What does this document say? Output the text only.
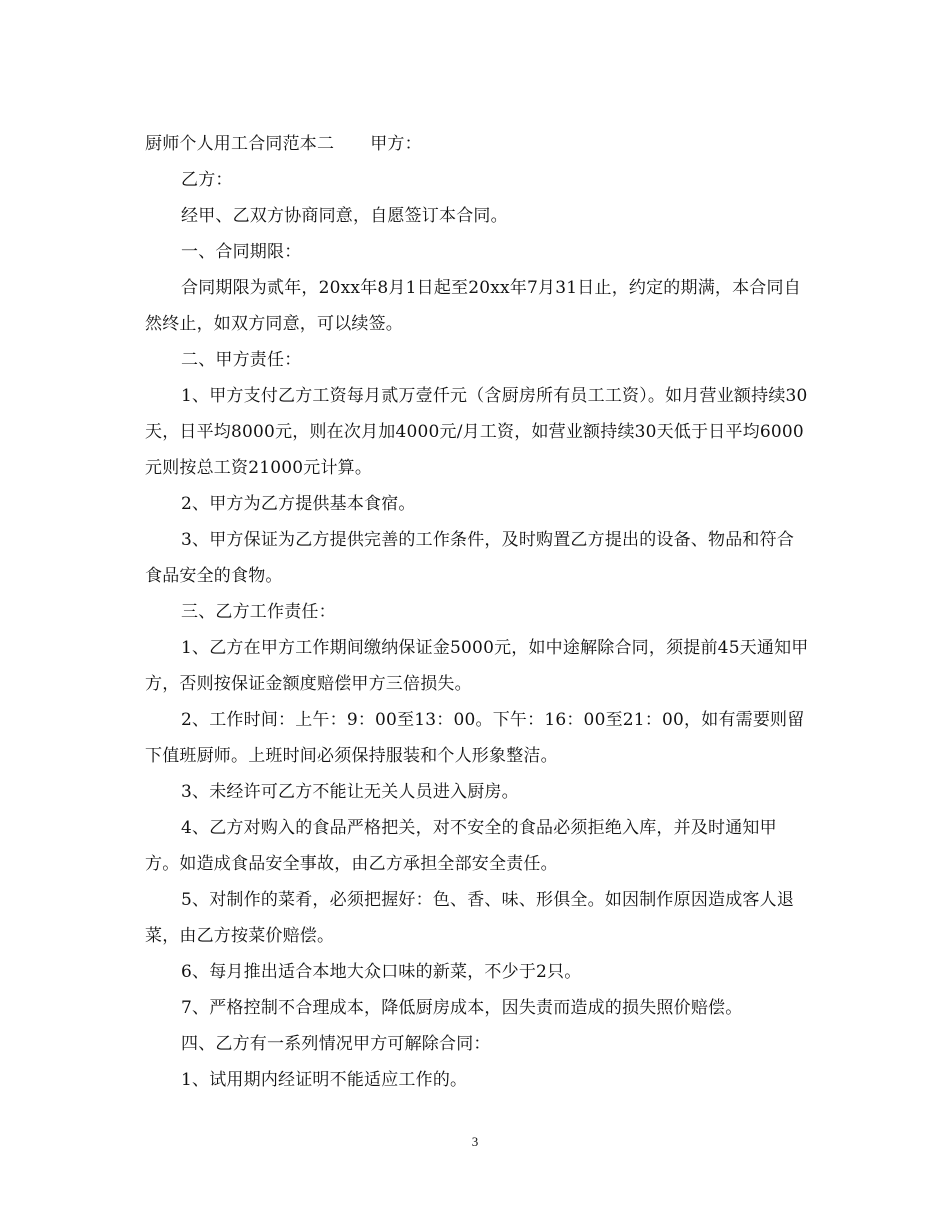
厨师个人用工合同范本二 甲方：

乙方：

经甲、乙双方协商同意，自愿签订本合同。

一、合同期限：

合同期限为贰年，20xx年8月1日起至20xx年7月31日止，约定的期满，本合同自然终止，如双方同意，可以续签。

二、甲方责任：

1、甲方支付乙方工资每月贰万壹仟元（含厨房所有员工工资）。如月营业额持续30天，日平均8000元，则在次月加4000元/月工资，如营业额持续30天低于日平均6000元则按总工资21000元计算。

2、甲方为乙方提供基本食宿。

3、甲方保证为乙方提供完善的工作条件，及时购置乙方提出的设备、物品和符合食品安全的食物。

三、乙方工作责任：

1、乙方在甲方工作期间缴纳保证金5000元，如中途解除合同，须提前45天通知甲方，否则按保证金额度赔偿甲方三倍损失。

2、工作时间：上午：9：00至13：00。下午：16：00至21：00，如有需要则留下值班厨师。上班时间必须保持服装和个人形象整洁。

3、未经许可乙方不能让无关人员进入厨房。

4、乙方对购入的食品严格把关，对不安全的食品必须拒绝入库，并及时通知甲方。如造成食品安全事故，由乙方承担全部安全责任。

5、对制作的菜肴，必须把握好：色、香、味、形俱全。如因制作原因造成客人退菜，由乙方按菜价赔偿。

6、每月推出适合本地大众口味的新菜，不少于2只。

7、严格控制不合理成本，降低厨房成本，因失责而造成的损失照价赔偿。

四、乙方有一系列情况甲方可解除合同：

1、试用期内经证明不能适应工作的。

3
